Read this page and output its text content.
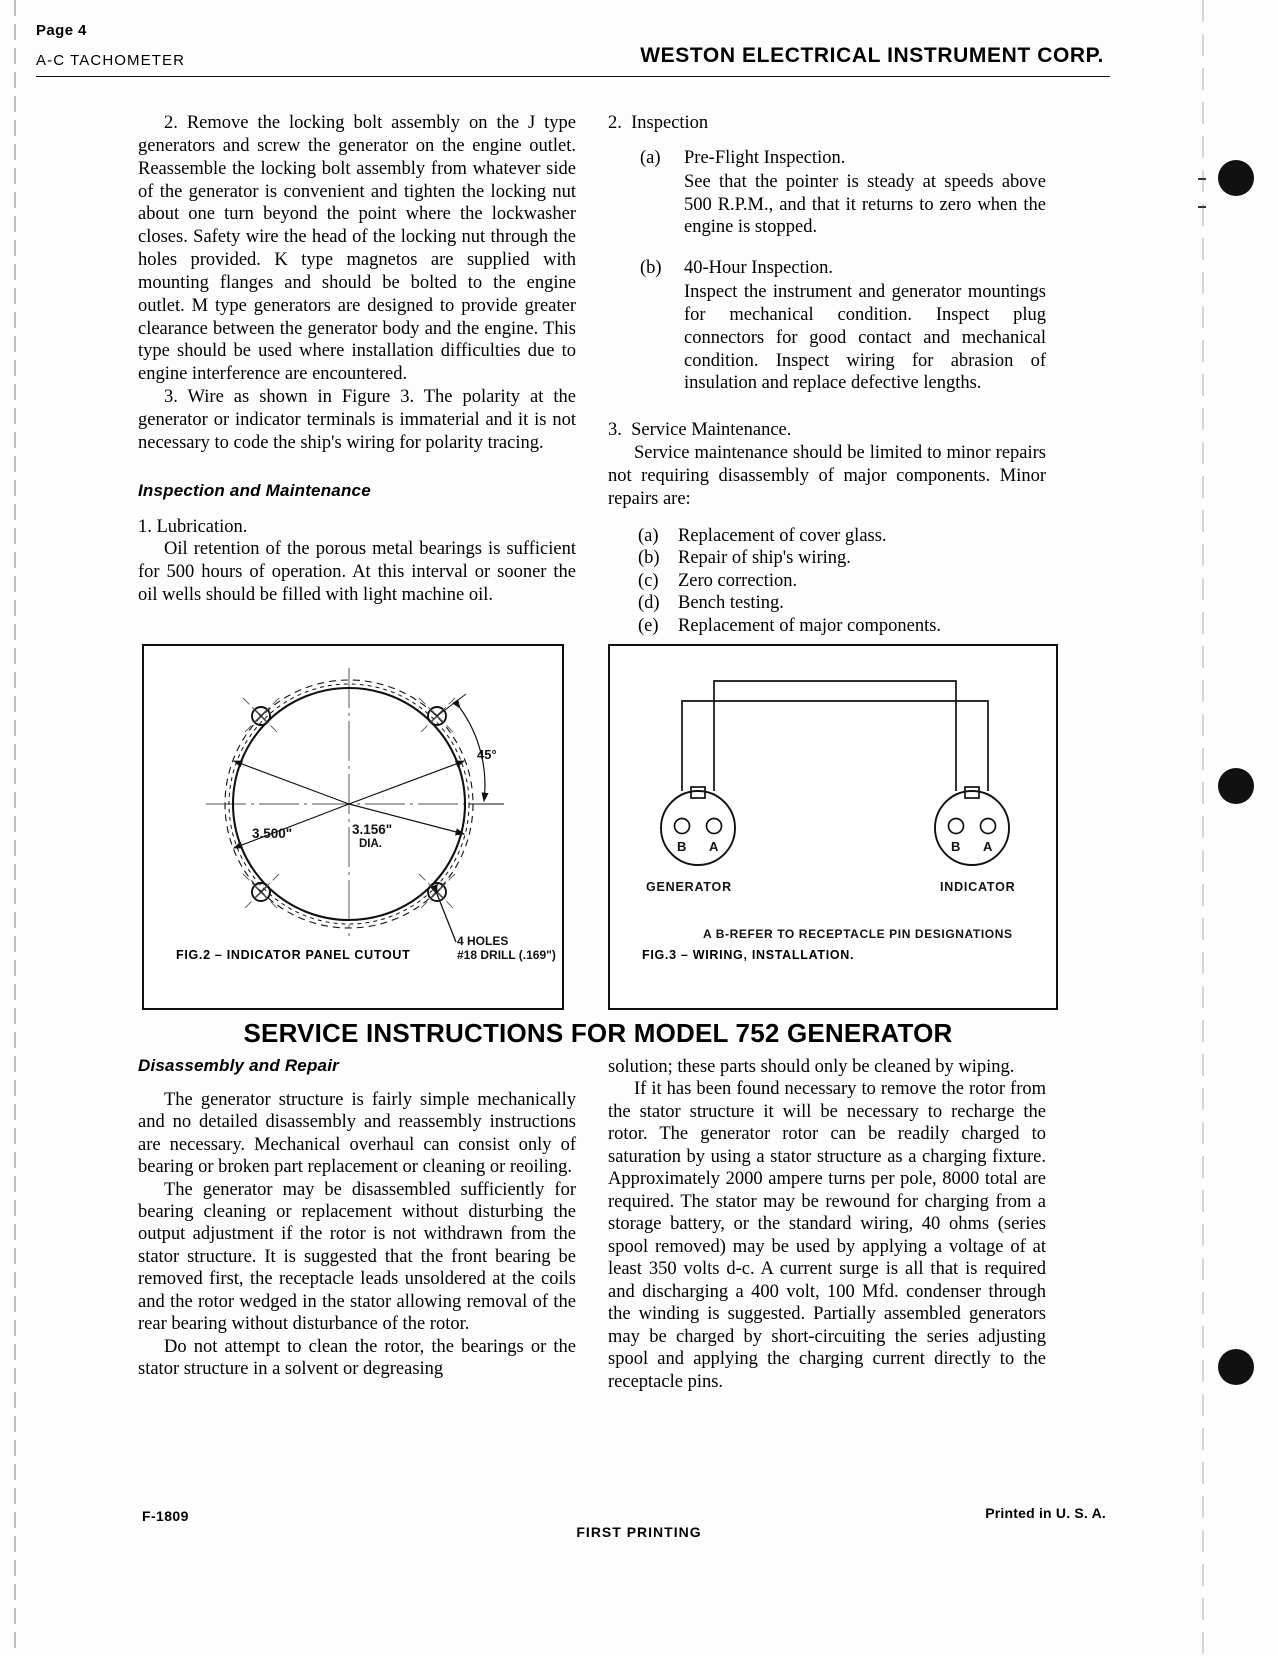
Page 4
A-C TACHOMETER	WESTON ELECTRICAL INSTRUMENT CORP.
2. Remove the locking bolt assembly on the J type generators and screw the generator on the engine outlet. Reassemble the locking bolt assembly from whatever side of the generator is convenient and tighten the locking nut about one turn beyond the point where the lockwasher closes. Safety wire the head of the locking nut through the holes provided. K type magnetos are supplied with mounting flanges and should be bolted to the engine outlet. M type generators are designed to provide greater clearance between the generator body and the engine. This type should be used where installation difficulties due to engine interference are encountered.
3. Wire as shown in Figure 3. The polarity at the generator or indicator terminals is immaterial and it is not necessary to code the ship's wiring for polarity tracing.
Inspection and Maintenance
1. Lubrication.
Oil retention of the porous metal bearings is sufficient for 500 hours of operation. At this interval or sooner the oil wells should be filled with light machine oil.
2. Inspection
(a)	Pre-Flight Inspection.
See that the pointer is steady at speeds above 500 R.P.M., and that it returns to zero when the engine is stopped.
(b)	40-Hour Inspection.
Inspect the instrument and generator mountings for mechanical condition. Inspect plug connectors for good contact and mechanical condition. Inspect wiring for abrasion of insulation and replace defective lengths.
3. Service Maintenance.
Service maintenance should be limited to minor repairs not requiring disassembly of major components. Minor repairs are:
(a)	Replacement of cover glass.
(b) Repair of ship's wiring.
(c)	Zero correction.
(d) Bench testing.
(e)	Replacement of major components.
3.500"	3.156"
DIA.
45°
4 HOLES
#18 DRILL (.169")
FIG.2 – INDICATOR PANEL CUTOUT
B A	B A
GENERATOR	INDICATOR
A B-REFER TO RECEPTACLE PIN DESIGNATIONS
FIG.3 – WIRING, INSTALLATION.
SERVICE INSTRUCTIONS FOR MODEL 752 GENERATOR
Disassembly and Repair
The generator structure is fairly simple mechanically and no detailed disassembly and reassembly instructions are necessary. Mechanical overhaul can consist only of bearing or broken part replacement or cleaning or reoiling.
The generator may be disassembled sufficiently for bearing cleaning or replacement without disturbing the output adjustment if the rotor is not withdrawn from the stator structure. It is suggested that the front bearing be removed first, the receptacle leads unsoldered at the coils and the rotor wedged in the stator allowing removal of the rear bearing without disturbance of the rotor.
Do not attempt to clean the rotor, the bearings or the stator structure in a solvent or degreasing
solution; these parts should only be cleaned by wiping.
If it has been found necessary to remove the rotor from the stator structure it will be necessary to recharge the rotor. The generator rotor can be readily charged to saturation by using a stator structure as a charging fixture. Approximately 2000 ampere turns per pole, 8000 total are required. The stator may be rewound for charging from a storage battery, or the standard wiring, 40 ohms (series spool removed) may be used by applying a voltage of at least 350 volts d-c. A current surge is all that is required and discharging a 400 volt, 100 Mfd. condenser through the winding is suggested. Partially assembled generators may be charged by short-circuiting the series adjusting spool and applying the charging current directly to the receptacle pins.
F-1809
FIRST PRINTING
Printed in U. S. A.
